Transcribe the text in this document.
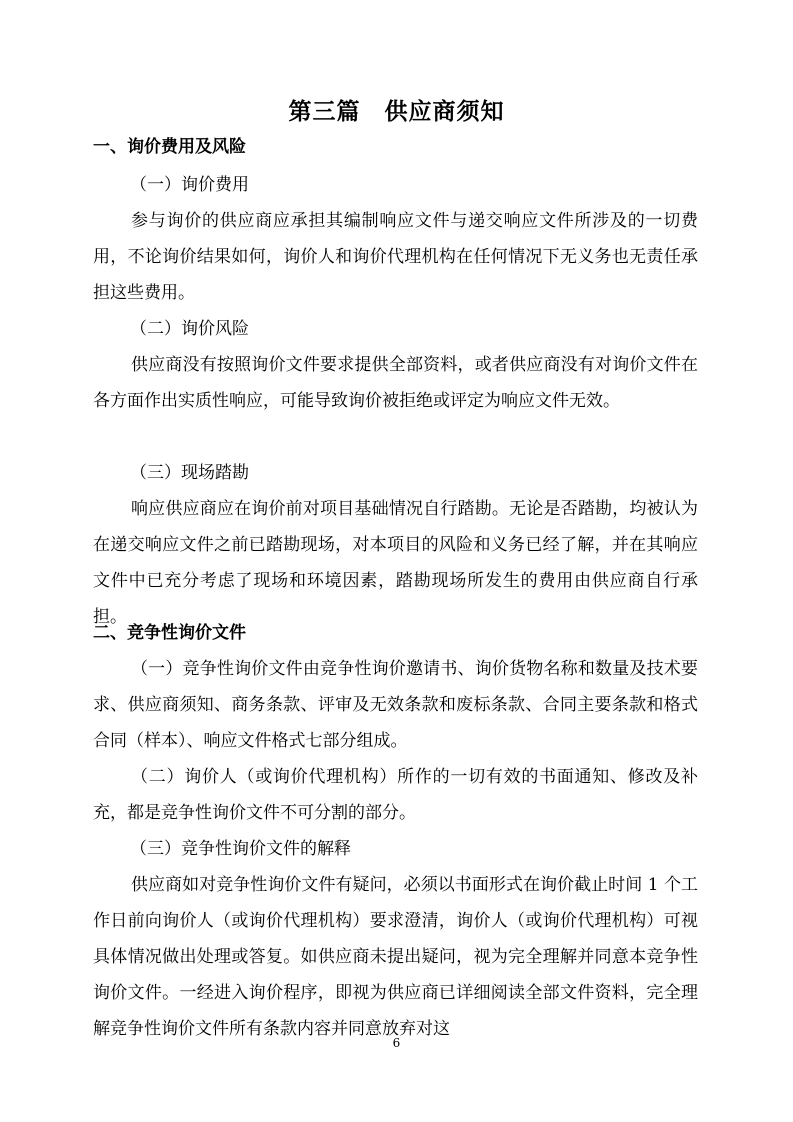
第三篇　供应商须知
一、询价费用及风险
（一）询价费用
参与询价的供应商应承担其编制响应文件与递交响应文件所涉及的一切费用，不论询价结果如何，询价人和询价代理机构在任何情况下无义务也无责任承担这些费用。
（二）询价风险
供应商没有按照询价文件要求提供全部资料，或者供应商没有对询价文件在各方面作出实质性响应，可能导致询价被拒绝或评定为响应文件无效。
（三）现场踏勘
响应供应商应在询价前对项目基础情况自行踏勘。无论是否踏勘，均被认为在递交响应文件之前已踏勘现场，对本项目的风险和义务已经了解，并在其响应文件中已充分考虑了现场和环境因素，踏勘现场所发生的费用由供应商自行承担。
二、竞争性询价文件
（一）竞争性询价文件由竞争性询价邀请书、询价货物名称和数量及技术要求、供应商须知、商务条款、评审及无效条款和废标条款、合同主要条款和格式合同（样本）、响应文件格式七部分组成。
（二）询价人（或询价代理机构）所作的一切有效的书面通知、修改及补充，都是竞争性询价文件不可分割的部分。
（三）竞争性询价文件的解释
供应商如对竞争性询价文件有疑问，必须以书面形式在询价截止时间 1 个工作日前向询价人（或询价代理机构）要求澄清，询价人（或询价代理机构）可视具体情况做出处理或答复。如供应商未提出疑问，视为完全理解并同意本竞争性询价文件。一经进入询价程序，即视为供应商已详细阅读全部文件资料，完全理解竞争性询价文件所有条款内容并同意放弃对这
6
